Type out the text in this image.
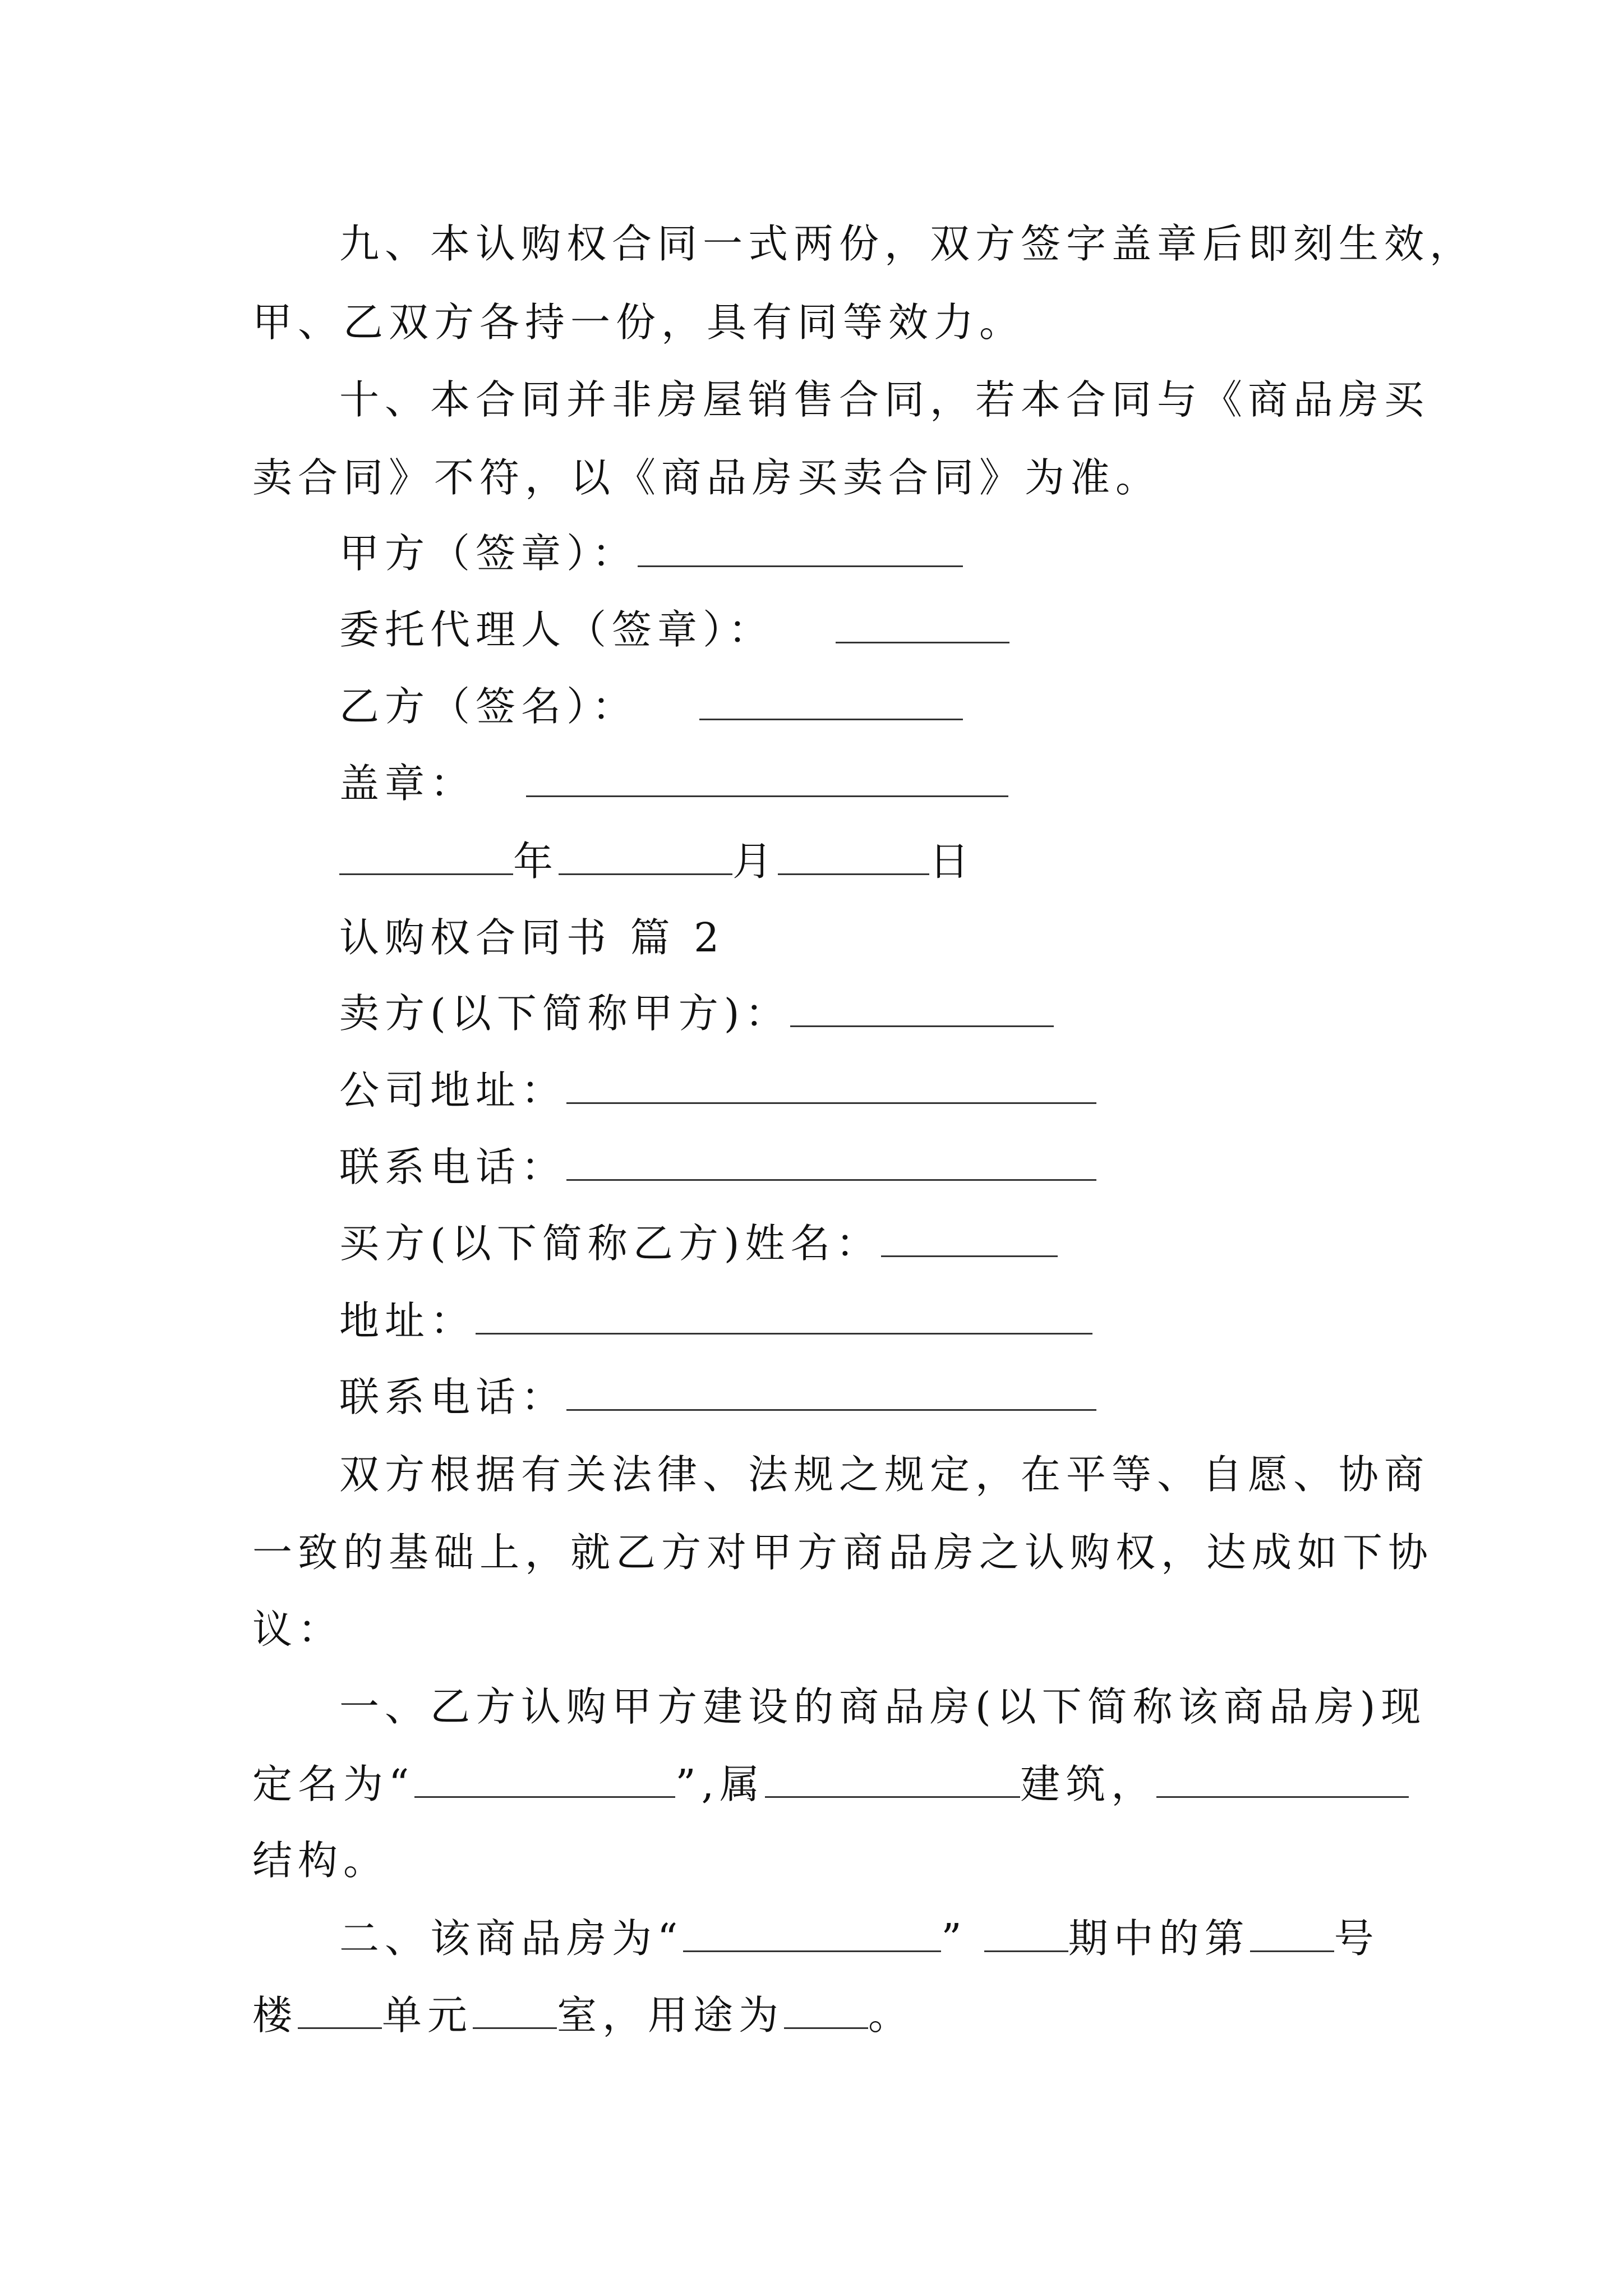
九、本认购权合同一式两份，双方签字盖章后即刻生效，
甲、乙双方各持一份，具有同等效力。
十、本合同并非房屋销售合同，若本合同与《商品房买
卖合同》不符，以《商品房买卖合同》为准。
甲方（签章）：
委托代理人（签章）：
乙方（签名）：
盖章：
年	月	日
认购权合同书 篇 2
卖方(以下简称甲方)：
公司地址：
联系电话：
买方(以下简称乙方)姓名：
地址：
联系电话：
双方根据有关法律、法规之规定，在平等、自愿、协商
一致的基础上，就乙方对甲方商品房之认购权，达成如下协
议：
一、乙方认购甲方建设的商品房(以下简称该商品房)现
定名为“	”,属	建筑，
结构。
二、该商品房为“	”	期中的第 号
楼 单元 室，用途为 。
